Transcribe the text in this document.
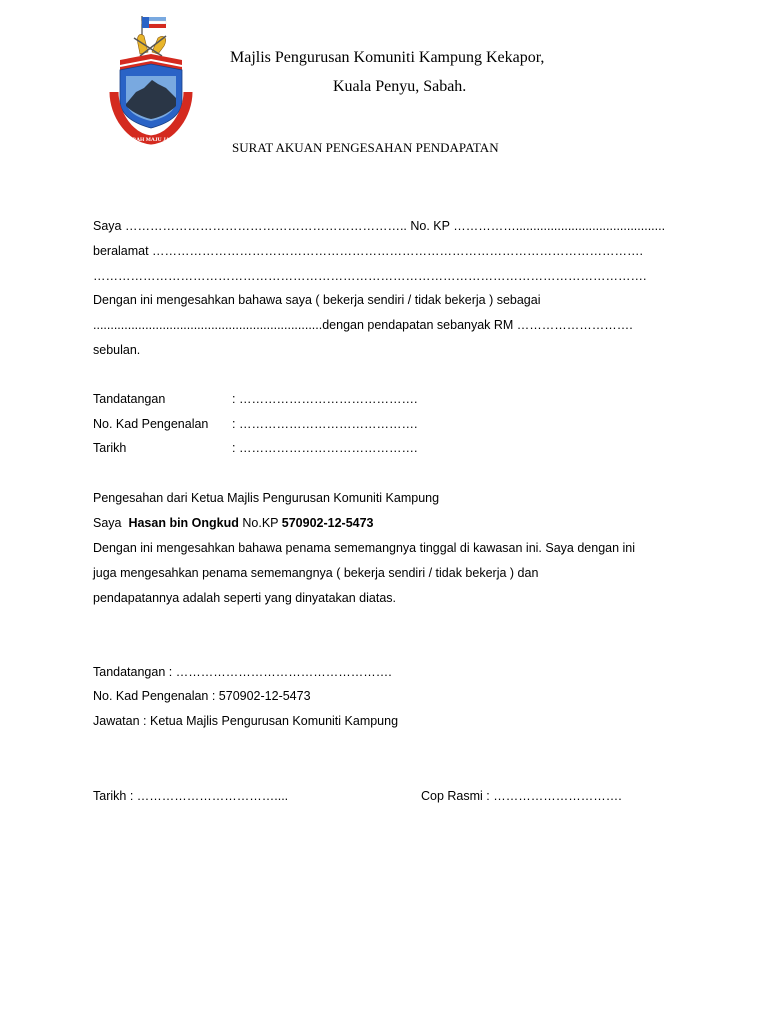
SABAH MAJU JAYA
Majlis Pengurusan Komuniti Kampung Kekapor,
Kuala Penyu, Sabah.
SURAT AKUAN PENGESAHAN PENDAPATAN
Saya ………………………………………………………….. No. KP ……………...........................................
beralamat ……………………………………………………………………………………………………….
…………………………………………………………………………………………………………………….
Dengan ini mengesahkan bahawa saya ( bekerja sendiri / tidak bekerja ) sebagai
..................................................................dengan pendapatan sebanyak RM ……………………….
sebulan.
Tandatangan	: …………………………………….
No. Kad Pengenalan : …………………………………….
Tarikh	: …………………………………….
Pengesahan dari Ketua Majlis Pengurusan Komuniti Kampung
Saya Hasan bin Ongkud No.KP 570902-12-5473
Dengan ini mengesahkan bahawa penama sememangnya tinggal di kawasan ini. Saya dengan ini
juga mengesahkan penama sememangnya ( bekerja sendiri / tidak bekerja ) dan
pendapatannya adalah seperti yang dinyatakan diatas.
Tandatangan : …………………………………………….
No. Kad Pengenalan : 570902-12-5473
Jawatan : Ketua Majlis Pengurusan Komuniti Kampung
Tarikh : ……………………………....	Cop Rasmi : ………………………….
